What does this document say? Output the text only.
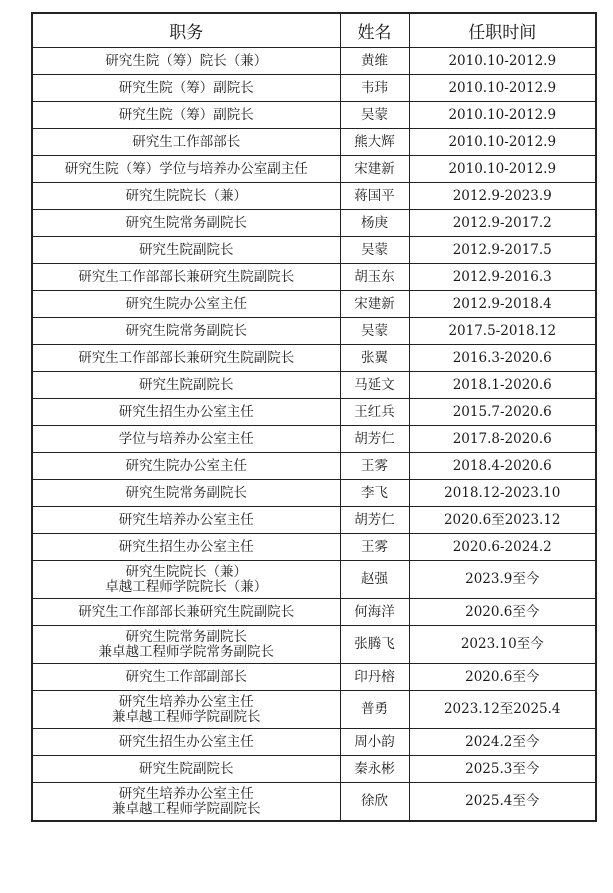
职务	姓名	任职时间
研究生院（筹）院长（兼）	黄维	2010.10-2012.9
研究生院（筹）副院长	韦玮	2010.10-2012.9
研究生院（筹）副院长	吴蒙	2010.10-2012.9
研究生工作部部长	熊大辉	2010.10-2012.9
研究生院（筹）学位与培养办公室副主任	宋建新	2010.10-2012.9
研究生院院长（兼）	蒋国平	2012.9-2023.9
研究生院常务副院长	杨庚	2012.9-2017.2
研究生院副院长	吴蒙	2012.9-2017.5
研究生工作部部长兼研究生院副院长	胡玉东	2012.9-2016.3
研究生院办公室主任	宋建新	2012.9-2018.4
研究生院常务副院长	吴蒙	2017.5-2018.12
研究生工作部部长兼研究生院副院长	张翼	2016.3-2020.6
研究生院副院长	马延文	2018.1-2020.6
研究生招生办公室主任	王红兵	2015.7-2020.6
学位与培养办公室主任	胡芳仁	2017.8-2020.6
研究生院办公室主任	王雾	2018.4-2020.6
研究生院常务副院长	李飞	2018.12-2023.10
研究生培养办公室主任	胡芳仁	2020.6至2023.12
研究生招生办公室主任	王雾	2020.6-2024.2
研究生院院长（兼）
卓越工程师学院院长（兼）	赵强	2023.9至今
研究生工作部部长兼研究生院副院长	何海洋	2020.6至今
研究生院常务副院长
兼卓越工程师学院常务副院长	张腾飞	2023.10至今
研究生工作部副部长	印丹榕	2020.6至今
研究生培养办公室主任
兼卓越工程师学院副院长	普勇	2023.12至2025.4
研究生招生办公室主任	周小韵	2024.2至今
研究生院副院长	秦永彬	2025.3至今
研究生培养办公室主任
兼卓越工程师学院副院长	徐欣	2025.4至今
